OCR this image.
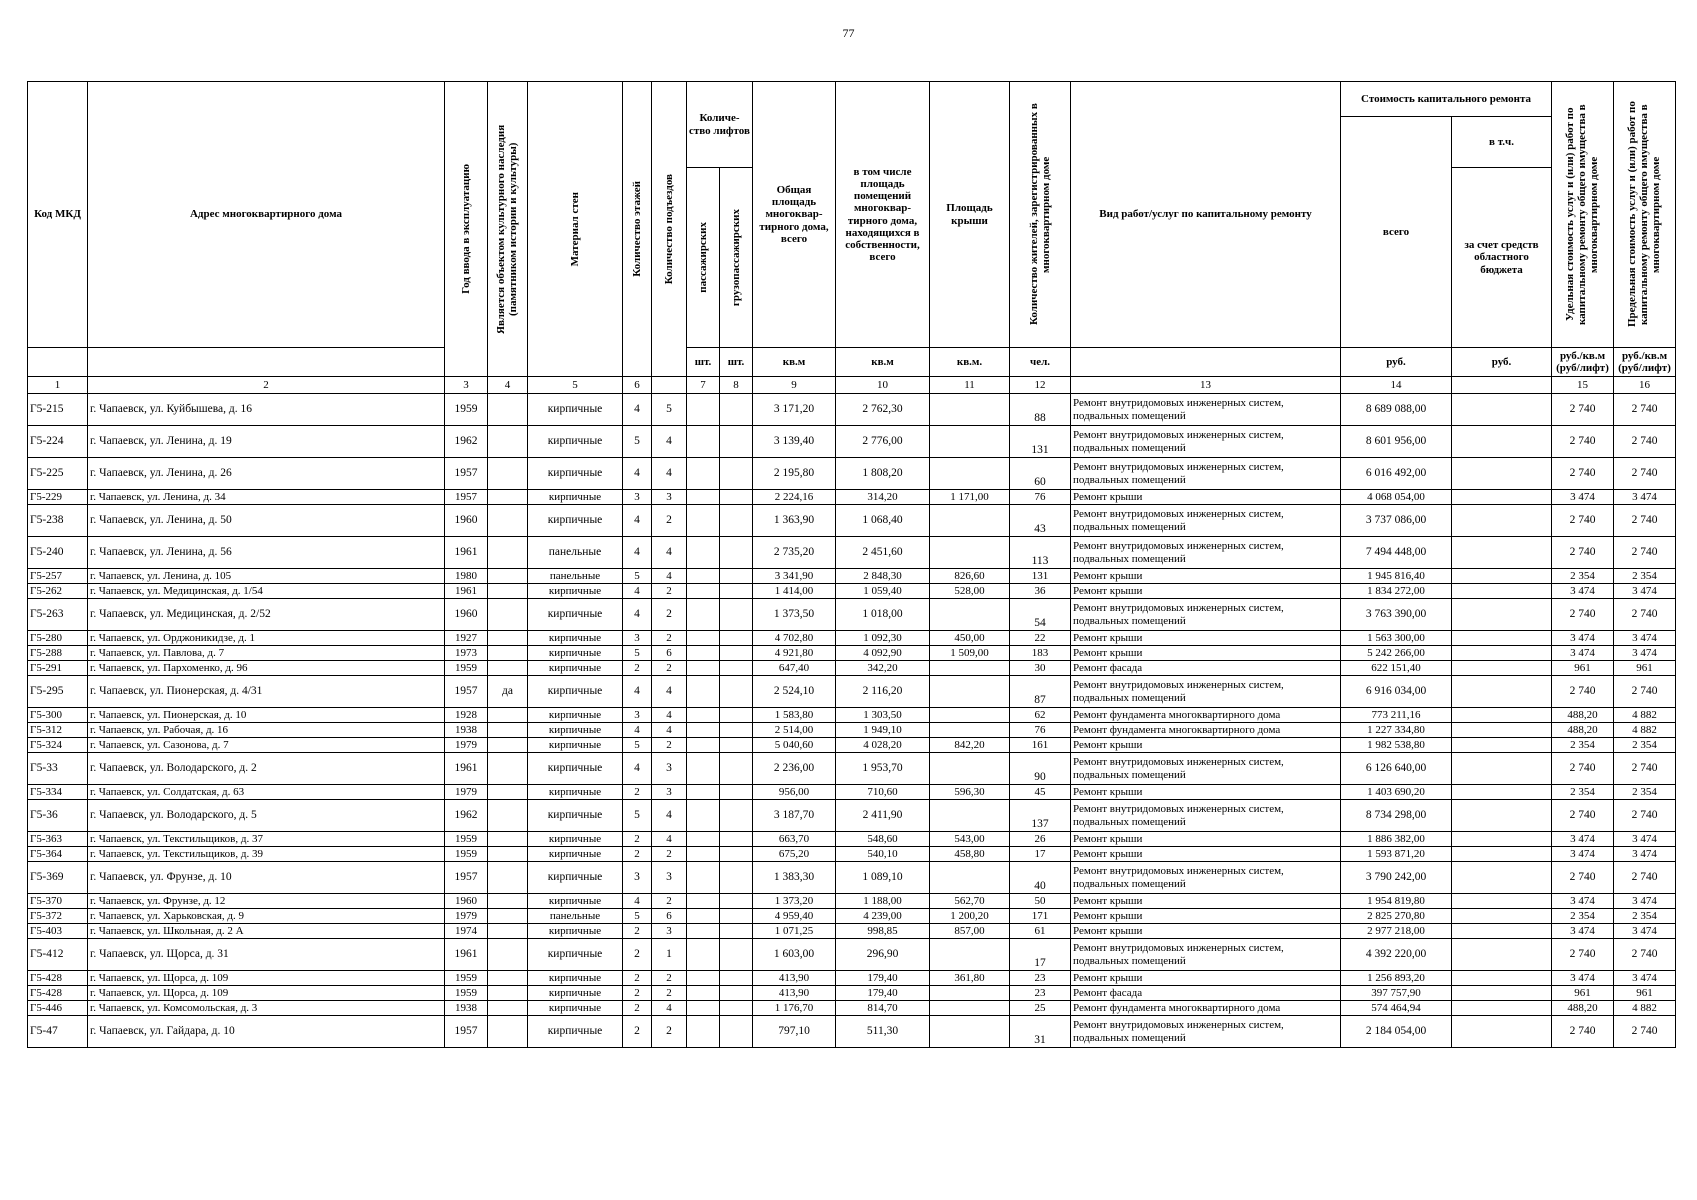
77
Код МКД	Адрес многоквартирного дома	Год ввода в эксплуатацию	Является объектом культурного наследия (памятником истории и культуры)	Материал стен	Количество этажей	Количество подъездов	Количе-ство лифтов		Общая площадь многоквар-тирного дома, всего	в том числе площадь помещений многоквар-тирного дома, находящихся в собственности, всего	Площадь крыши	Количество жителей, зарегистрированных в многоквартирном доме	Вид работ/услуг по капитальному ремонту	Стоимость капитального ремонта		Удельная стоимость услуг и (или) работ по капитальному ремонту общего имущества в многоквартирном доме	Предельная стоимость услуг и (или) работ по капитальному ремонту общего имущества в многоквартирном доме

														всего	в т.ч.		

							пассажирских	грузопассажирских							за счет средств областного бюджета		
							шт.	шт.	кв.м	кв.м	кв.м.	чел.		руб.	руб.	руб./кв.м (руб/лифт)	руб./кв.м (руб/лифт)
1	2	3	4	5	6		7	8	9	10	11	12	13	14		15	16
Г5-215	г. Чапаевск, ул. Куйбышева, д. 16	1959		кирпичные	4	5			3 171,20	2 762,30		88	Ремонт внутридомовых инженерных систем, подвальных помещений	8 689 088,00		2 740	2 740
Г5-224	г. Чапаевск, ул. Ленина, д. 19	1962		кирпичные	5	4			3 139,40	2 776,00		131	Ремонт внутридомовых инженерных систем, подвальных помещений	8 601 956,00		2 740	2 740
Г5-225	г. Чапаевск, ул. Ленина, д. 26	1957		кирпичные	4	4			2 195,80	1 808,20		60	Ремонт внутридомовых инженерных систем, подвальных помещений	6 016 492,00		2 740	2 740
Г5-229	г. Чапаевск, ул. Ленина, д. 34	1957		кирпичные	3	3			2 224,16	314,20	1 171,00	76	Ремонт крыши	4 068 054,00		3 474	3 474
Г5-238	г. Чапаевск, ул. Ленина, д. 50	1960		кирпичные	4	2			1 363,90	1 068,40		43	Ремонт внутридомовых инженерных систем, подвальных помещений	3 737 086,00		2 740	2 740
Г5-240	г. Чапаевск, ул. Ленина, д. 56	1961		панельные	4	4			2 735,20	2 451,60		113	Ремонт внутридомовых инженерных систем, подвальных помещений	7 494 448,00		2 740	2 740
Г5-257	г. Чапаевск, ул. Ленина, д. 105	1980		панельные	5	4			3 341,90	2 848,30	826,60	131	Ремонт крыши	1 945 816,40		2 354	2 354
Г5-262	г. Чапаевск, ул. Медицинская, д. 1/54	1961		кирпичные	4	2			1 414,00	1 059,40	528,00	36	Ремонт крыши	1 834 272,00		3 474	3 474
Г5-263	г. Чапаевск, ул. Медицинская, д. 2/52	1960		кирпичные	4	2			1 373,50	1 018,00		54	Ремонт внутридомовых инженерных систем, подвальных помещений	3 763 390,00		2 740	2 740
Г5-280	г. Чапаевск, ул. Орджоникидзе, д. 1	1927		кирпичные	3	2			4 702,80	1 092,30	450,00	22	Ремонт крыши	1 563 300,00		3 474	3 474
Г5-288	г. Чапаевск, ул. Павлова, д. 7	1973		кирпичные	5	6			4 921,80	4 092,90	1 509,00	183	Ремонт крыши	5 242 266,00		3 474	3 474
Г5-291	г. Чапаевск, ул. Пархоменко, д. 96	1959		кирпичные	2	2			647,40	342,20		30	Ремонт фасада	622 151,40		961	961
Г5-295	г. Чапаевск, ул. Пионерская, д. 4/31	1957	да	кирпичные	4	4			2 524,10	2 116,20		87	Ремонт внутридомовых инженерных систем, подвальных помещений	6 916 034,00		2 740	2 740
Г5-300	г. Чапаевск, ул. Пионерская, д. 10	1928		кирпичные	3	4			1 583,80	1 303,50		62	Ремонт фундамента многоквартирного дома	773 211,16		488,20	4 882
Г5-312	г. Чапаевск, ул. Рабочая, д. 16	1938		кирпичные	4	4			2 514,00	1 949,10		76	Ремонт фундамента многоквартирного дома	1 227 334,80		488,20	4 882
Г5-324	г. Чапаевск, ул. Сазонова, д. 7	1979		кирпичные	5	2			5 040,60	4 028,20	842,20	161	Ремонт крыши	1 982 538,80		2 354	2 354
Г5-33	г. Чапаевск, ул. Володарского, д. 2	1961		кирпичные	4	3			2 236,00	1 953,70		90	Ремонт внутридомовых инженерных систем, подвальных помещений	6 126 640,00		2 740	2 740
Г5-334	г. Чапаевск, ул. Солдатская, д. 63	1979		кирпичные	2	3			956,00	710,60	596,30	45	Ремонт крыши	1 403 690,20		2 354	2 354
Г5-36	г. Чапаевск, ул. Володарского, д. 5	1962		кирпичные	5	4			3 187,70	2 411,90		137	Ремонт внутридомовых инженерных систем, подвальных помещений	8 734 298,00		2 740	2 740
Г5-363	г. Чапаевск, ул. Текстильщиков, д. 37	1959		кирпичные	2	4			663,70	548,60	543,00	26	Ремонт крыши	1 886 382,00		3 474	3 474
Г5-364	г. Чапаевск, ул. Текстильщиков, д. 39	1959		кирпичные	2	2			675,20	540,10	458,80	17	Ремонт крыши	1 593 871,20		3 474	3 474
Г5-369	г. Чапаевск, ул. Фрунзе, д. 10	1957		кирпичные	3	3			1 383,30	1 089,10		40	Ремонт внутридомовых инженерных систем, подвальных помещений	3 790 242,00		2 740	2 740
Г5-370	г. Чапаевск, ул. Фрунзе, д. 12	1960		кирпичные	4	2			1 373,20	1 188,00	562,70	50	Ремонт крыши	1 954 819,80		3 474	3 474
Г5-372	г. Чапаевск, ул. Харьковская, д. 9	1979		панельные	5	6			4 959,40	4 239,00	1 200,20	171	Ремонт крыши	2 825 270,80		2 354	2 354
Г5-403	г. Чапаевск, ул. Школьная, д. 2 А	1974		кирпичные	2	3			1 071,25	998,85	857,00	61	Ремонт крыши	2 977 218,00		3 474	3 474
Г5-412	г. Чапаевск, ул. Щорса, д. 31	1961		кирпичные	2	1			1 603,00	296,90		17	Ремонт внутридомовых инженерных систем, подвальных помещений	4 392 220,00		2 740	2 740
Г5-428	г. Чапаевск, ул. Щорса, д. 109	1959		кирпичные	2	2			413,90	179,40	361,80	23	Ремонт крыши	1 256 893,20		3 474	3 474
Г5-428	г. Чапаевск, ул. Щорса, д. 109	1959		кирпичные	2	2			413,90	179,40		23	Ремонт фасада	397 757,90		961	961
Г5-446	г. Чапаевск, ул. Комсомольская, д. 3	1938		кирпичные	2	4			1 176,70	814,70		25	Ремонт фундамента многоквартирного дома	574 464,94		488,20	4 882
Г5-47	г. Чапаевск, ул. Гайдара, д. 10	1957		кирпичные	2	2			797,10	511,30		31	Ремонт внутридомовых инженерных систем, подвальных помещений	2 184 054,00		2 740	2 740
